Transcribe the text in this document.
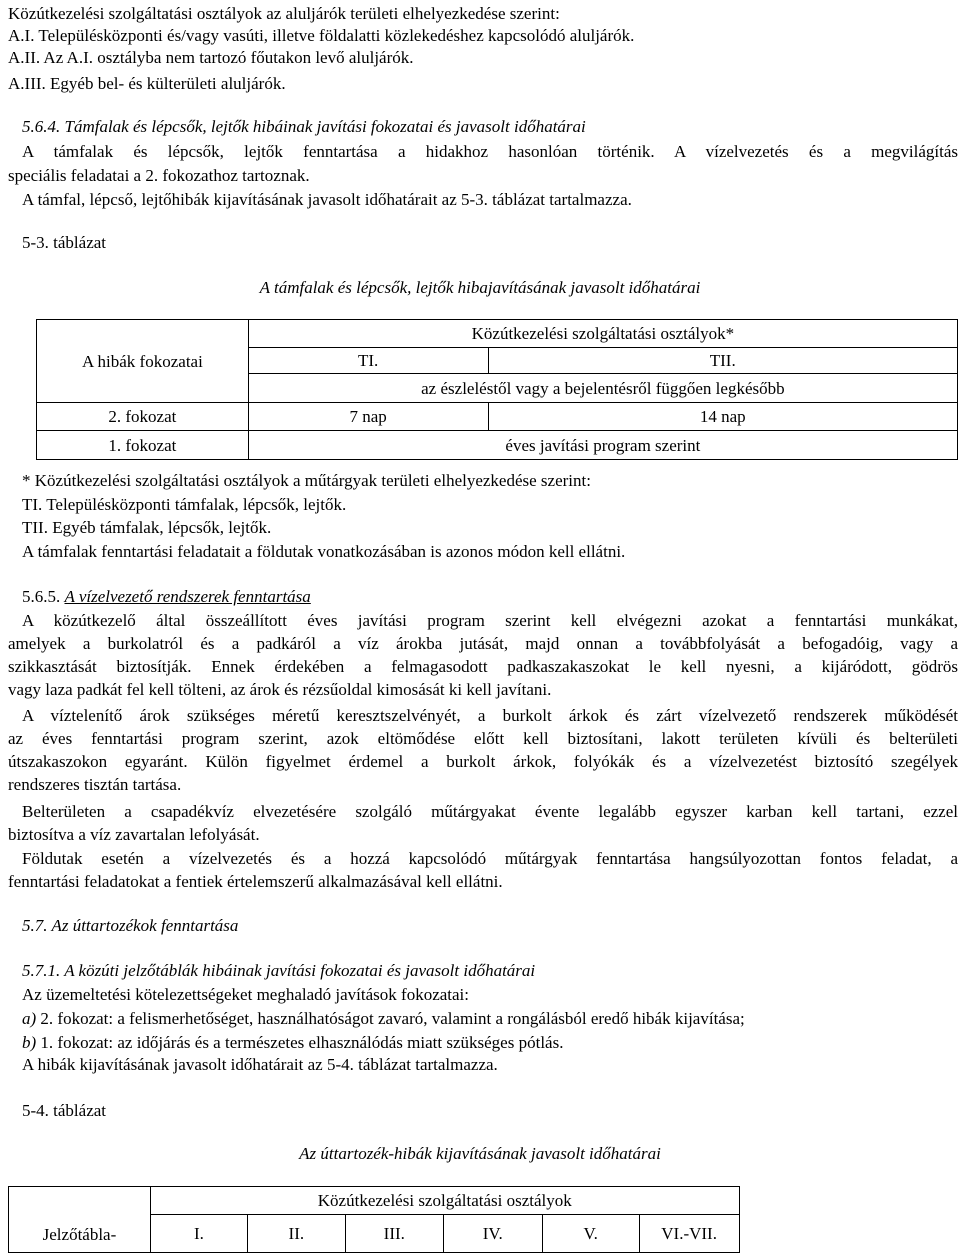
Közútkezelési szolgáltatási osztályok az aluljárók területi elhelyezkedése szerint:
A.I. Településközponti és/vagy vasúti, illetve földalatti közlekedéshez kapcsolódó aluljárók.
A.II. Az A.I. osztályba nem tartozó főutakon levő aluljárók.
A.III. Egyéb bel- és külterületi aluljárók.
5.6.4. Támfalak és lépcsők, lejtők hibáinak javítási fokozatai és javasolt időhatárai
A támfalak és lépcsők, lejtők fenntartása a hidakhoz hasonlóan történik. A vízelvezetés és a megvilágítás
speciális feladatai a 2. fokozathoz tartoznak.
A támfal, lépcső, lejtőhibák kijavításának javasolt időhatárait az 5-3. táblázat tartalmazza.
5-3. táblázat
A támfalak és lépcsők, lejtők hibajavításának javasolt időhatárai
A hibák fokozatai	Közútkezelési szolgáltatási osztályok*	
	TI.	TII.
	az észleléstől vagy a bejelentésről függően legkésőbb	
2. fokozat	7 nap	14 nap
1. fokozat	éves javítási program szerint	
* Közútkezelési szolgáltatási osztályok a műtárgyak területi elhelyezkedése szerint:
TI. Településközponti támfalak, lépcsők, lejtők.
TII. Egyéb támfalak, lépcsők, lejtők.
A támfalak fenntartási feladatait a földutak vonatkozásában is azonos módon kell ellátni.
5.6.5. A vízelvezető rendszerek fenntartása
A közútkezelő által összeállított éves javítási program szerint kell elvégezni azokat a fenntartási munkákat,
amelyek a burkolatról és a padkáról a víz árokba jutását, majd onnan a továbbfolyását a befogadóig, vagy a
szikkasztását biztosítják. Ennek érdekében a felmagasodott padkaszakaszokat le kell nyesni, a kijáródott, gödrös
vagy laza padkát fel kell tölteni, az árok és rézsűoldal kimosását ki kell javítani.
A víztelenítő árok szükséges méretű keresztszelvényét, a burkolt árkok és zárt vízelvezető rendszerek működését
az éves fenntartási program szerint, azok eltömődése előtt kell biztosítani, lakott területen kívüli és belterületi
útszakaszokon egyaránt. Külön figyelmet érdemel a burkolt árkok, folyókák és a vízelvezetést biztosító szegélyek
rendszeres tisztán tartása.
Belterületen a csapadékvíz elvezetésére szolgáló műtárgyakat évente legalább egyszer karban kell tartani, ezzel
biztosítva a víz zavartalan lefolyását.
Földutak esetén a vízelvezetés és a hozzá kapcsolódó műtárgyak fenntartása hangsúlyozottan fontos feladat, a
fenntartási feladatokat a fentiek értelemszerű alkalmazásával kell ellátni.
5.7. Az úttartozékok fenntartása
5.7.1. A közúti jelzőtáblák hibáinak javítási fokozatai és javasolt időhatárai
Az üzemeltetési kötelezettségeket meghaladó javítások fokozatai:
a) 2. fokozat: a felismerhetőséget, használhatóságot zavaró, valamint a rongálásból eredő hibák kijavítása;
b) 1. fokozat: az időjárás és a természetes elhasználódás miatt szükséges pótlás.
A hibák kijavításának javasolt időhatárait az 5-4. táblázat tartalmazza.
5-4. táblázat
Az úttartozék-hibák kijavításának javasolt időhatárai
Jelzőtábla-	Közútkezelési szolgáltatási osztályok						
	I.	II.	III.	IV.	V.	VI.-VII.	
